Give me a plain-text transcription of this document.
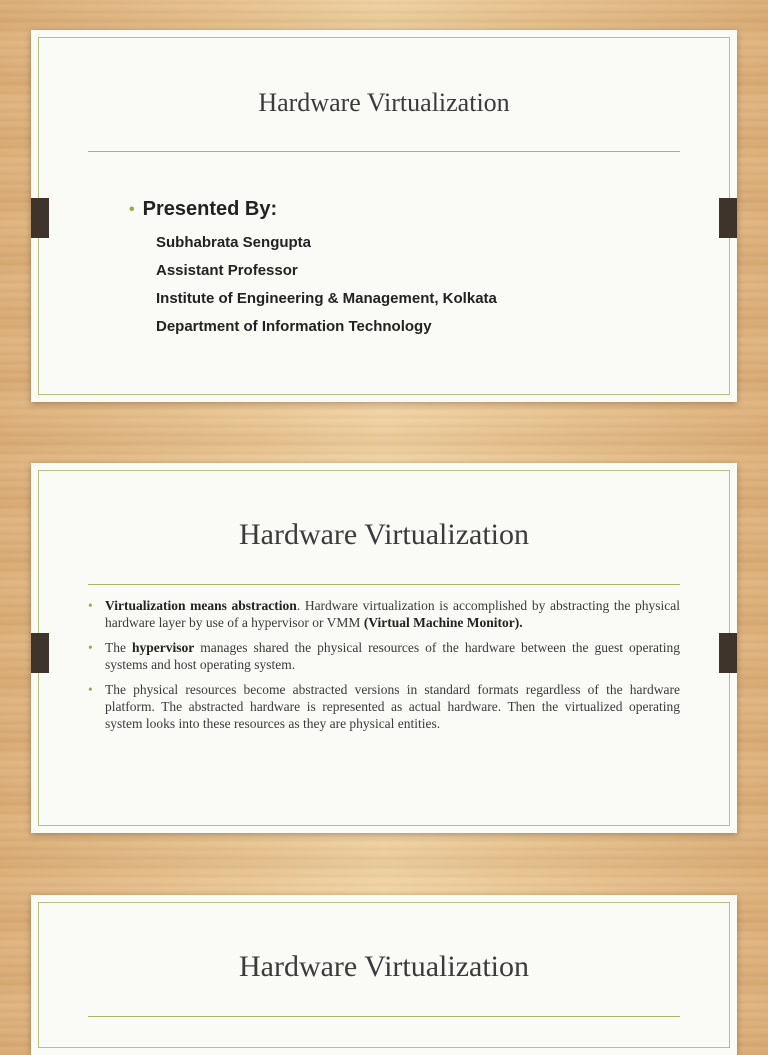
Hardware Virtualization
• Presented By:
Subhabrata Sengupta
Assistant Professor
Institute of Engineering & Management, Kolkata
Department of Information Technology
Hardware Virtualization
• Virtualization means abstraction. Hardware virtualization is accomplished by abstracting the physical hardware layer by use of a hypervisor or VMM (Virtual Machine Monitor).
• The hypervisor manages shared the physical resources of the hardware between the guest operating systems and host operating system.
• The physical resources become abstracted versions in standard formats regardless of the hardware platform. The abstracted hardware is represented as actual hardware. Then the virtualized operating system looks into these resources as they are physical entities.
Hardware Virtualization
